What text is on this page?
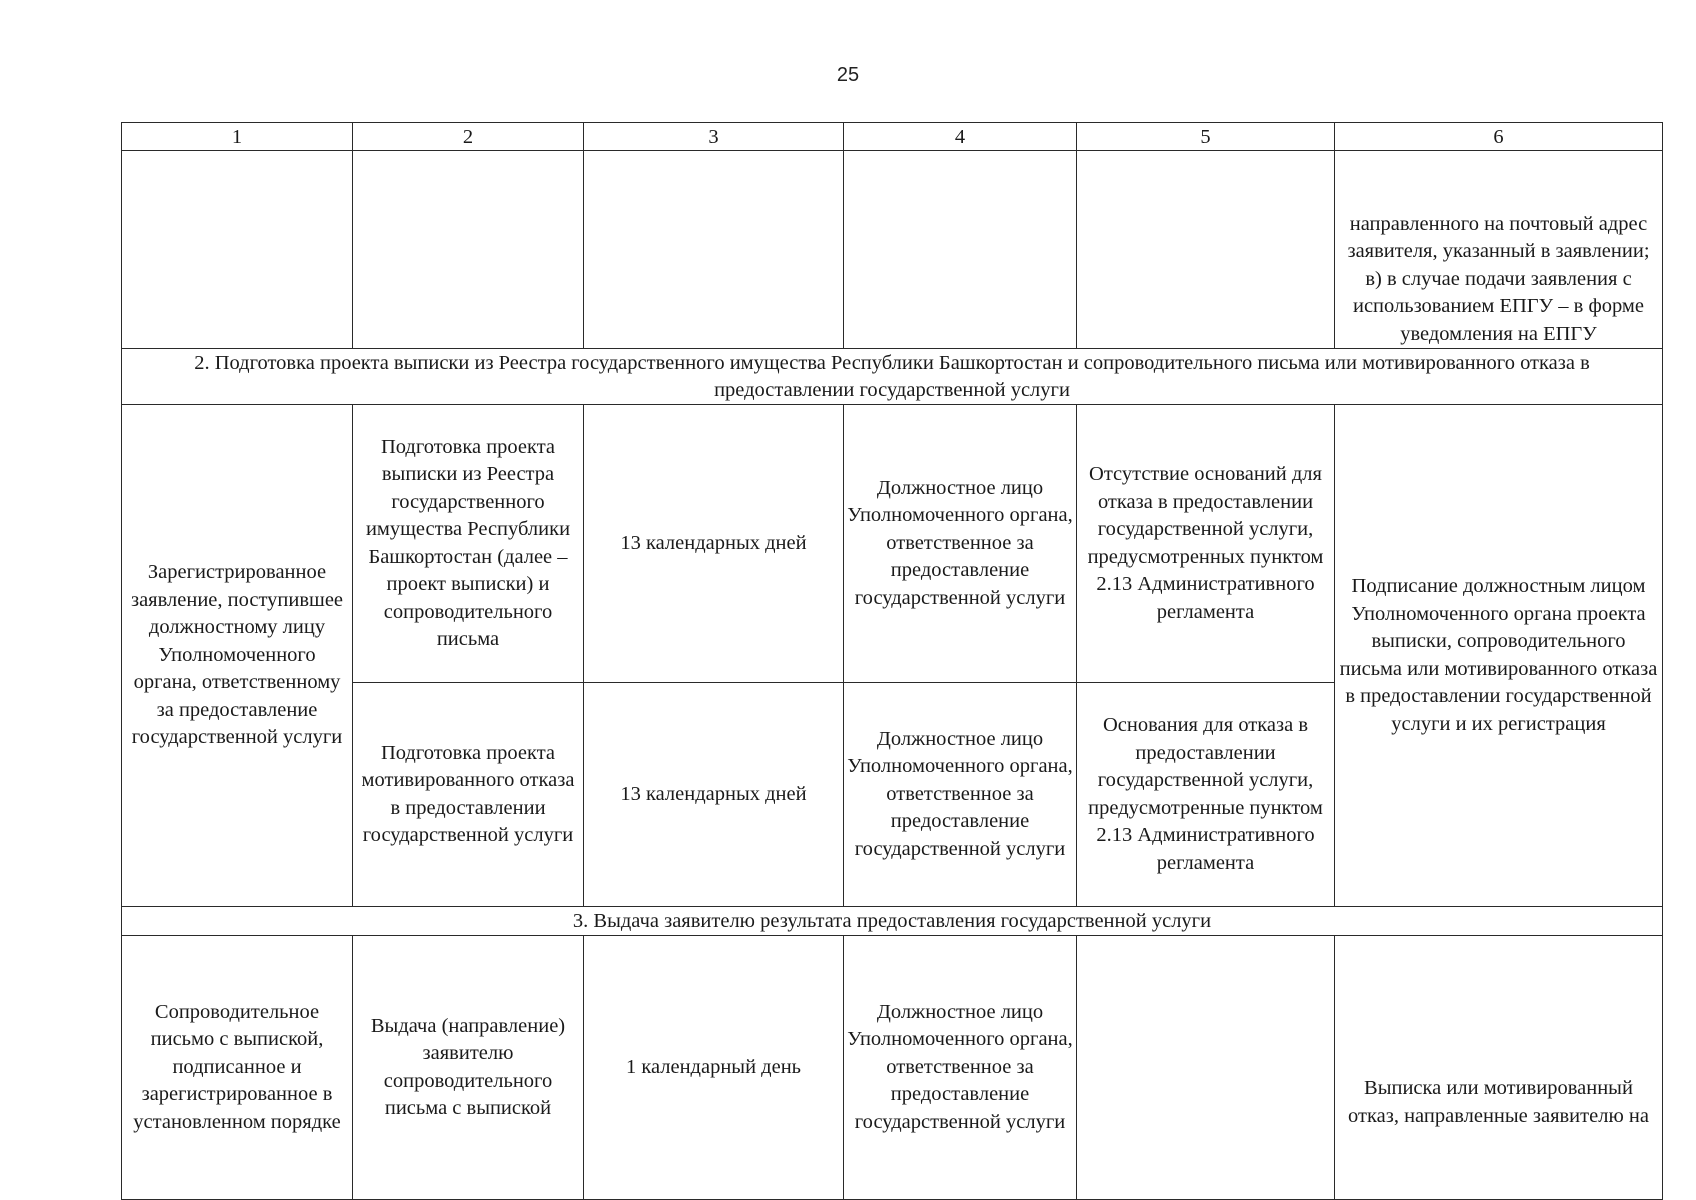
25
1	2	3	4	5	6
					направленного на почтовый адрес заявителя, указанный в заявлении; в) в случае подачи заявления с использованием ЕПГУ – в форме уведомления на ЕПГУ
2. Подготовка проекта выписки из Реестра государственного имущества Республики Башкортостан и сопроводительного письма или мотивированного отказа в предоставлении государственной услуги					
Зарегистрированное заявление, поступившее должностному лицу Уполномоченного органа, ответственному за предоставление государственной услуги	Подготовка проекта выписки из Реестра государственного имущества Республики Башкортостан (далее – проект выписки) и сопроводительного письма	13 календарных дней	Должностное лицо Уполномоченного органа, ответственное за предоставление государственной услуги	Отсутствие оснований для отказа в предоставлении государственной услуги, предусмотренных пунктом 2.13 Административного регламента	Подписание должностным лицом Уполномоченного органа проекта выписки, сопроводительного письма или мотивированного отказа в предоставлении государственной услуги и их регистрация
	Подготовка проекта мотивированного отказа в предоставлении государственной услуги	13 календарных дней	Должностное лицо Уполномоченного органа, ответственное за предоставление государственной услуги	Основания для отказа в предоставлении государственной услуги, предусмотренные пунктом 2.13 Административного регламента	
3. Выдача заявителю результата предоставления государственной услуги					
Сопроводительное письмо с выпиской, подписанное и зарегистрированное в установленном порядке	Выдача (направление) заявителю сопроводительного письма с выпиской	1 календарный день	Должностное лицо Уполномоченного органа, ответственное за предоставление государственной услуги		Выписка или мотивированный отказ, направленные заявителю на
